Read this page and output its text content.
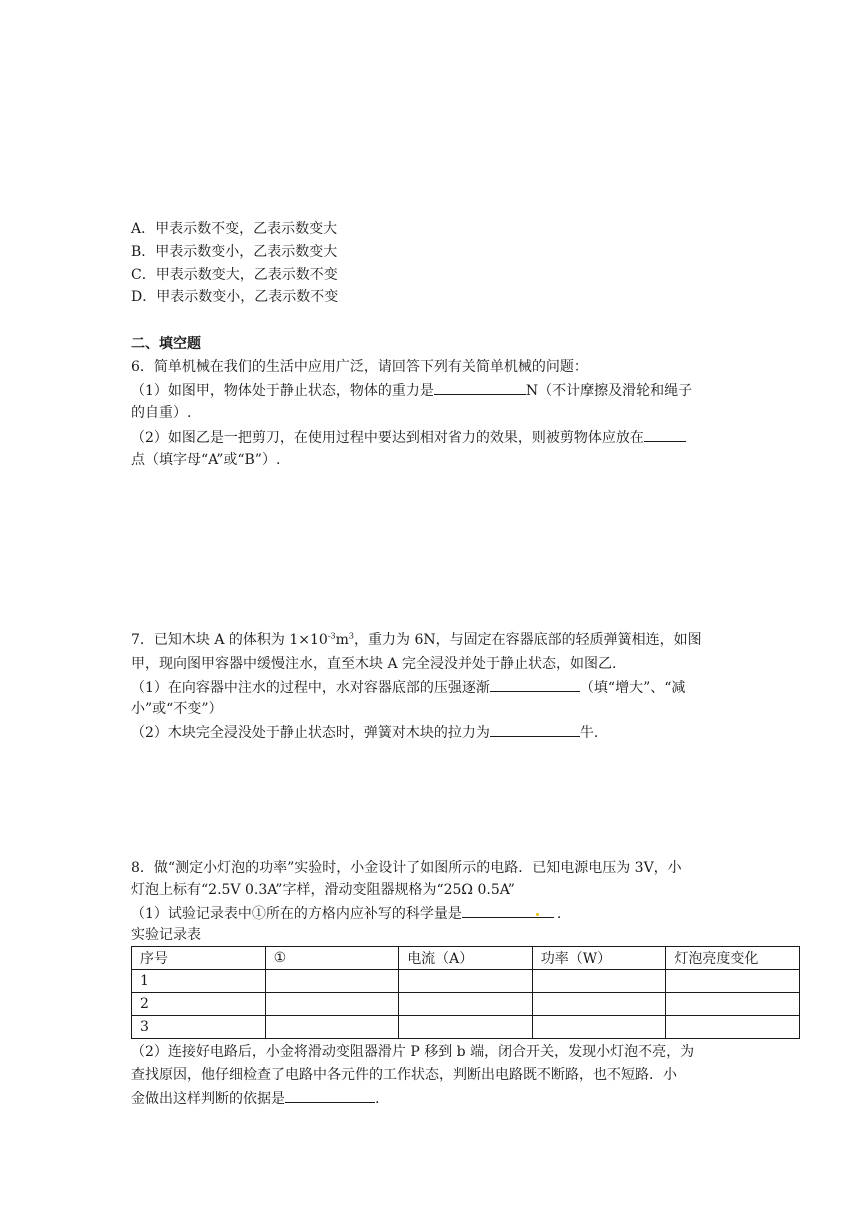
A．甲表示数不变，乙表示数变大
B．甲表示数变小，乙表示数变大
C．甲表示数变大，乙表示数不变
D．甲表示数变小，乙表示数不变
二、填空题
6．简单机械在我们的生活中应用广泛，请回答下列有关简单机械的问题：
（1）如图甲，物体处于静止状态，物体的重力是	N（不计摩擦及滑轮和绳子
的自重）.
（2）如图乙是一把剪刀，在使用过程中要达到相对省力的效果，则被剪物体应放在
点（填字母“A”或“B”）.
7．已知木块 A 的体积为 $1\times 10^{-3}m^3$，重力为 6N，与固定在容器底部的轻质弹簧相连，如图
甲，现向图甲容器中缓慢注水，直至木块 A 完全浸没并处于静止状态，如图乙.
（1）在向容器中注水的过程中，水对容器底部的压强逐渐	（填“增大”、“减
小”或“不变”）
（2）木块完全浸没处于静止状态时，弹簧对木块的拉力为	牛.
8．做“测定小灯泡的功率”实验时，小金设计了如图所示的电路．已知电源电压为 3V，小
灯泡上标有“2.5V 0.3A”字样，滑动变阻器规格为“25Ω 0.5A”
（1）试验记录表中①所在的方格内应补写的科学量是	.
实验记录表
序号	①	电流（A）	功率（W）	灯泡亮度变化
1				
2				
3				
（2）连接好电路后，小金将滑动变阻器滑片 P 移到 b 端，闭合开关，发现小灯泡不亮，为
查找原因，他仔细检查了电路中各元件的工作状态，判断出电路既不断路，也不短路．小
金做出这样判断的依据是	.
